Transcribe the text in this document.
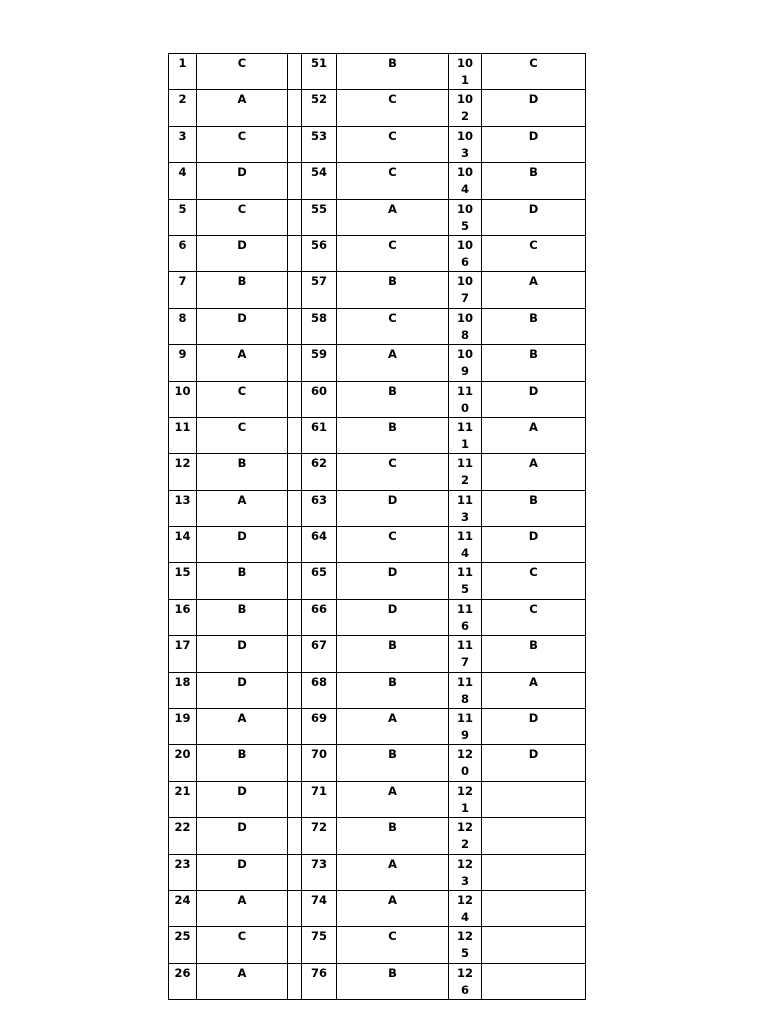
1	C		51	B	101	C
2	A		52	C	102	D
3	C		53	C	103	D
4	D		54	C	104	B
5	C		55	A	105	D
6	D		56	C	106	C
7	B		57	B	107	A
8	D		58	C	108	B
9	A		59	A	109	B
10	C		60	B	110	D
11	C		61	B	111	A
12	B		62	C	112	A
13	A		63	D	113	B
14	D		64	C	114	D
15	B		65	D	115	C
16	B		66	D	116	C
17	D		67	B	117	B
18	D		68	B	118	A
19	A		69	A	119	D
20	B		70	B	120	D
21	D		71	A	121	
22	D		72	B	122	
23	D		73	A	123	
24	A		74	A	124	
25	C		75	C	125	
26	A		76	B	126	
